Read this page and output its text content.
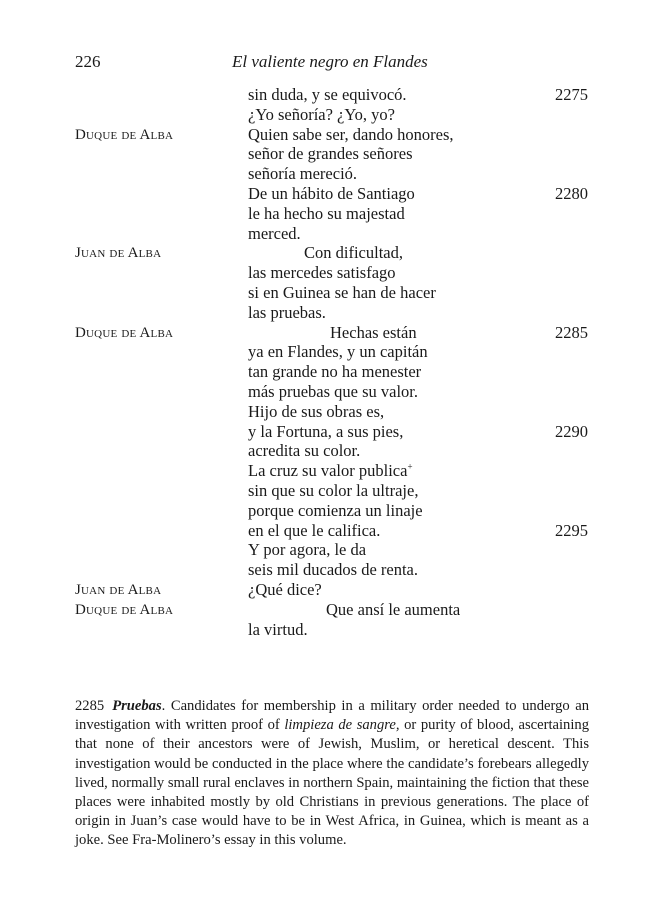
226	El valiente negro en Flandes
sin duda, y se equivocó.	2275
¿Yo señoría? ¿Yo, yo?
Duque de Alba	Quien sabe ser, dando honores,
señor de grandes señores
señoría mereció.
De un hábito de Santiago	2280
le ha hecho su majestad
merced.
Juan de Alba	Con dificultad,
las mercedes satisfago
si en Guinea se han de hacer
las pruebas.
Duque de Alba	Hechas están	2285
ya en Flandes, y un capitán
tan grande no ha menester
más pruebas que su valor.
Hijo de sus obras es,
y la Fortuna, a sus pies,	2290
acredita su color.
La cruz su valor publica+
sin que su color la ultraje,
porque comienza un linaje
en el que le califica.	2295
Y por agora, le da
seis mil ducados de renta.
Juan de Alba	¿Qué dice?
Duque de Alba	Que ansí le aumenta
la virtud.
2285 Pruebas. Candidates for membership in a military order needed to undergo an investigation with written proof of limpieza de sangre, or purity of blood, ascertaining that none of their ancestors were of Jewish, Muslim, or heretical descent. This investigation would be conducted in the place where the candidate’s forebears allegedly lived, normally small rural enclaves in northern Spain, maintaining the fiction that these places were inhabited mostly by old Christians in previous generations. The place of origin in Juan’s case would have to be in West Africa, in Guinea, which is meant as a joke. See Fra-Molinero’s essay in this volume.
